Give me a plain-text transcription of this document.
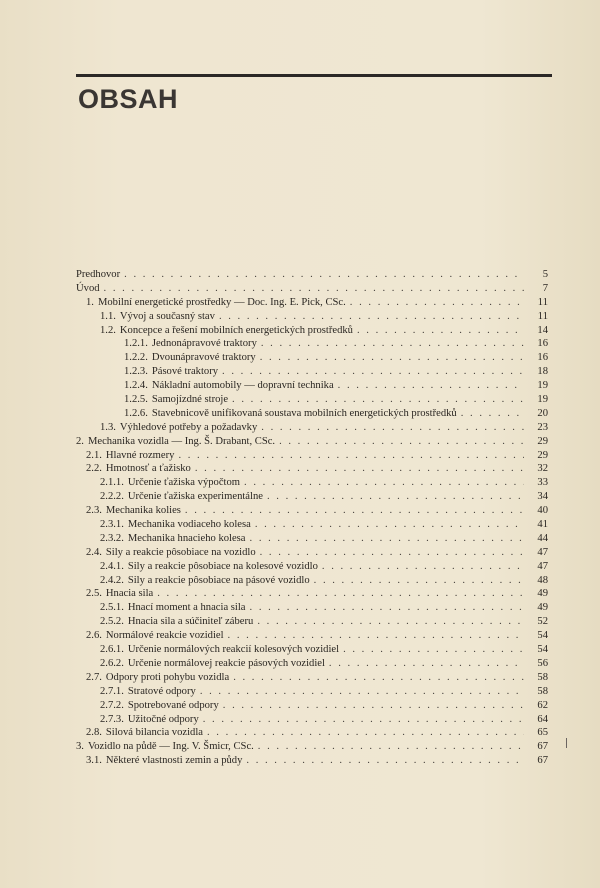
OBSAH
Predhovor . . .	5
Úvod . . .	7
1. Mobilní energetické prostředky — Doc. Ing. E. Pick, CSc. . . .	11
1.1. Vývoj a současný stav . . .	11
1.2. Koncepce a řešení mobilních energetických prostředků . . .	14
1.2.1. Jednonápravové traktory . . .	16
1.2.2. Dvounápravové traktory . . .	16
1.2.3. Pásové traktory . . .	18
1.2.4. Nákladní automobily — dopravní technika . . .	19
1.2.5. Samojízdné stroje . . .	19
1.2.6. Stavebnicově unifikovaná soustava mobilních energetických prostředků . . .	20
1.3. Výhledové potřeby a požadavky . . .	23
2. Mechanika vozidla — Ing. Š. Drabant, CSc. . . .	29
2.1. Hlavné rozmery . . .	29
2.2. Hmotnosť a ťažisko . . .	32
2.1.1. Určenie ťažiska výpočtom . . .	33
2.2.2. Určenie ťažiska experimentálne . . .	34
2.3. Mechanika kolies . . .	40
2.3.1. Mechanika vodiaceho kolesa . . .	41
2.3.2. Mechanika hnacieho kolesa . . .	44
2.4. Sily a reakcie pôsobiace na vozidlo . . .	47
2.4.1. Sily a reakcie pôsobiace na kolesové vozidlo . . .	47
2.4.2. Sily a reakcie pôsobiace na pásové vozidlo . . .	48
2.5. Hnacia sila . . .	49
2.5.1. Hnací moment a hnacia sila . . .	49
2.5.2. Hnacia sila a súčiniteľ záberu . . .	52
2.6. Normálové reakcie vozidiel . . .	54
2.6.1. Určenie normálových reakcií kolesových vozidiel . . .	54
2.6.2. Určenie normálovej reakcie pásových vozidiel . . .	56
2.7. Odpory proti pohybu vozidla . . .	58
2.7.1. Stratové odpory . . .	58
2.7.2. Spotrebované odpory . . .	62
2.7.3. Užitočné odpory . . .	64
2.8. Silová bilancia vozidla . . .	65
3. Vozidlo na půdě — Ing. V. Šmicr, CSc. . . .	67
3.1. Některé vlastnosti zemin a půdy . . .	67
